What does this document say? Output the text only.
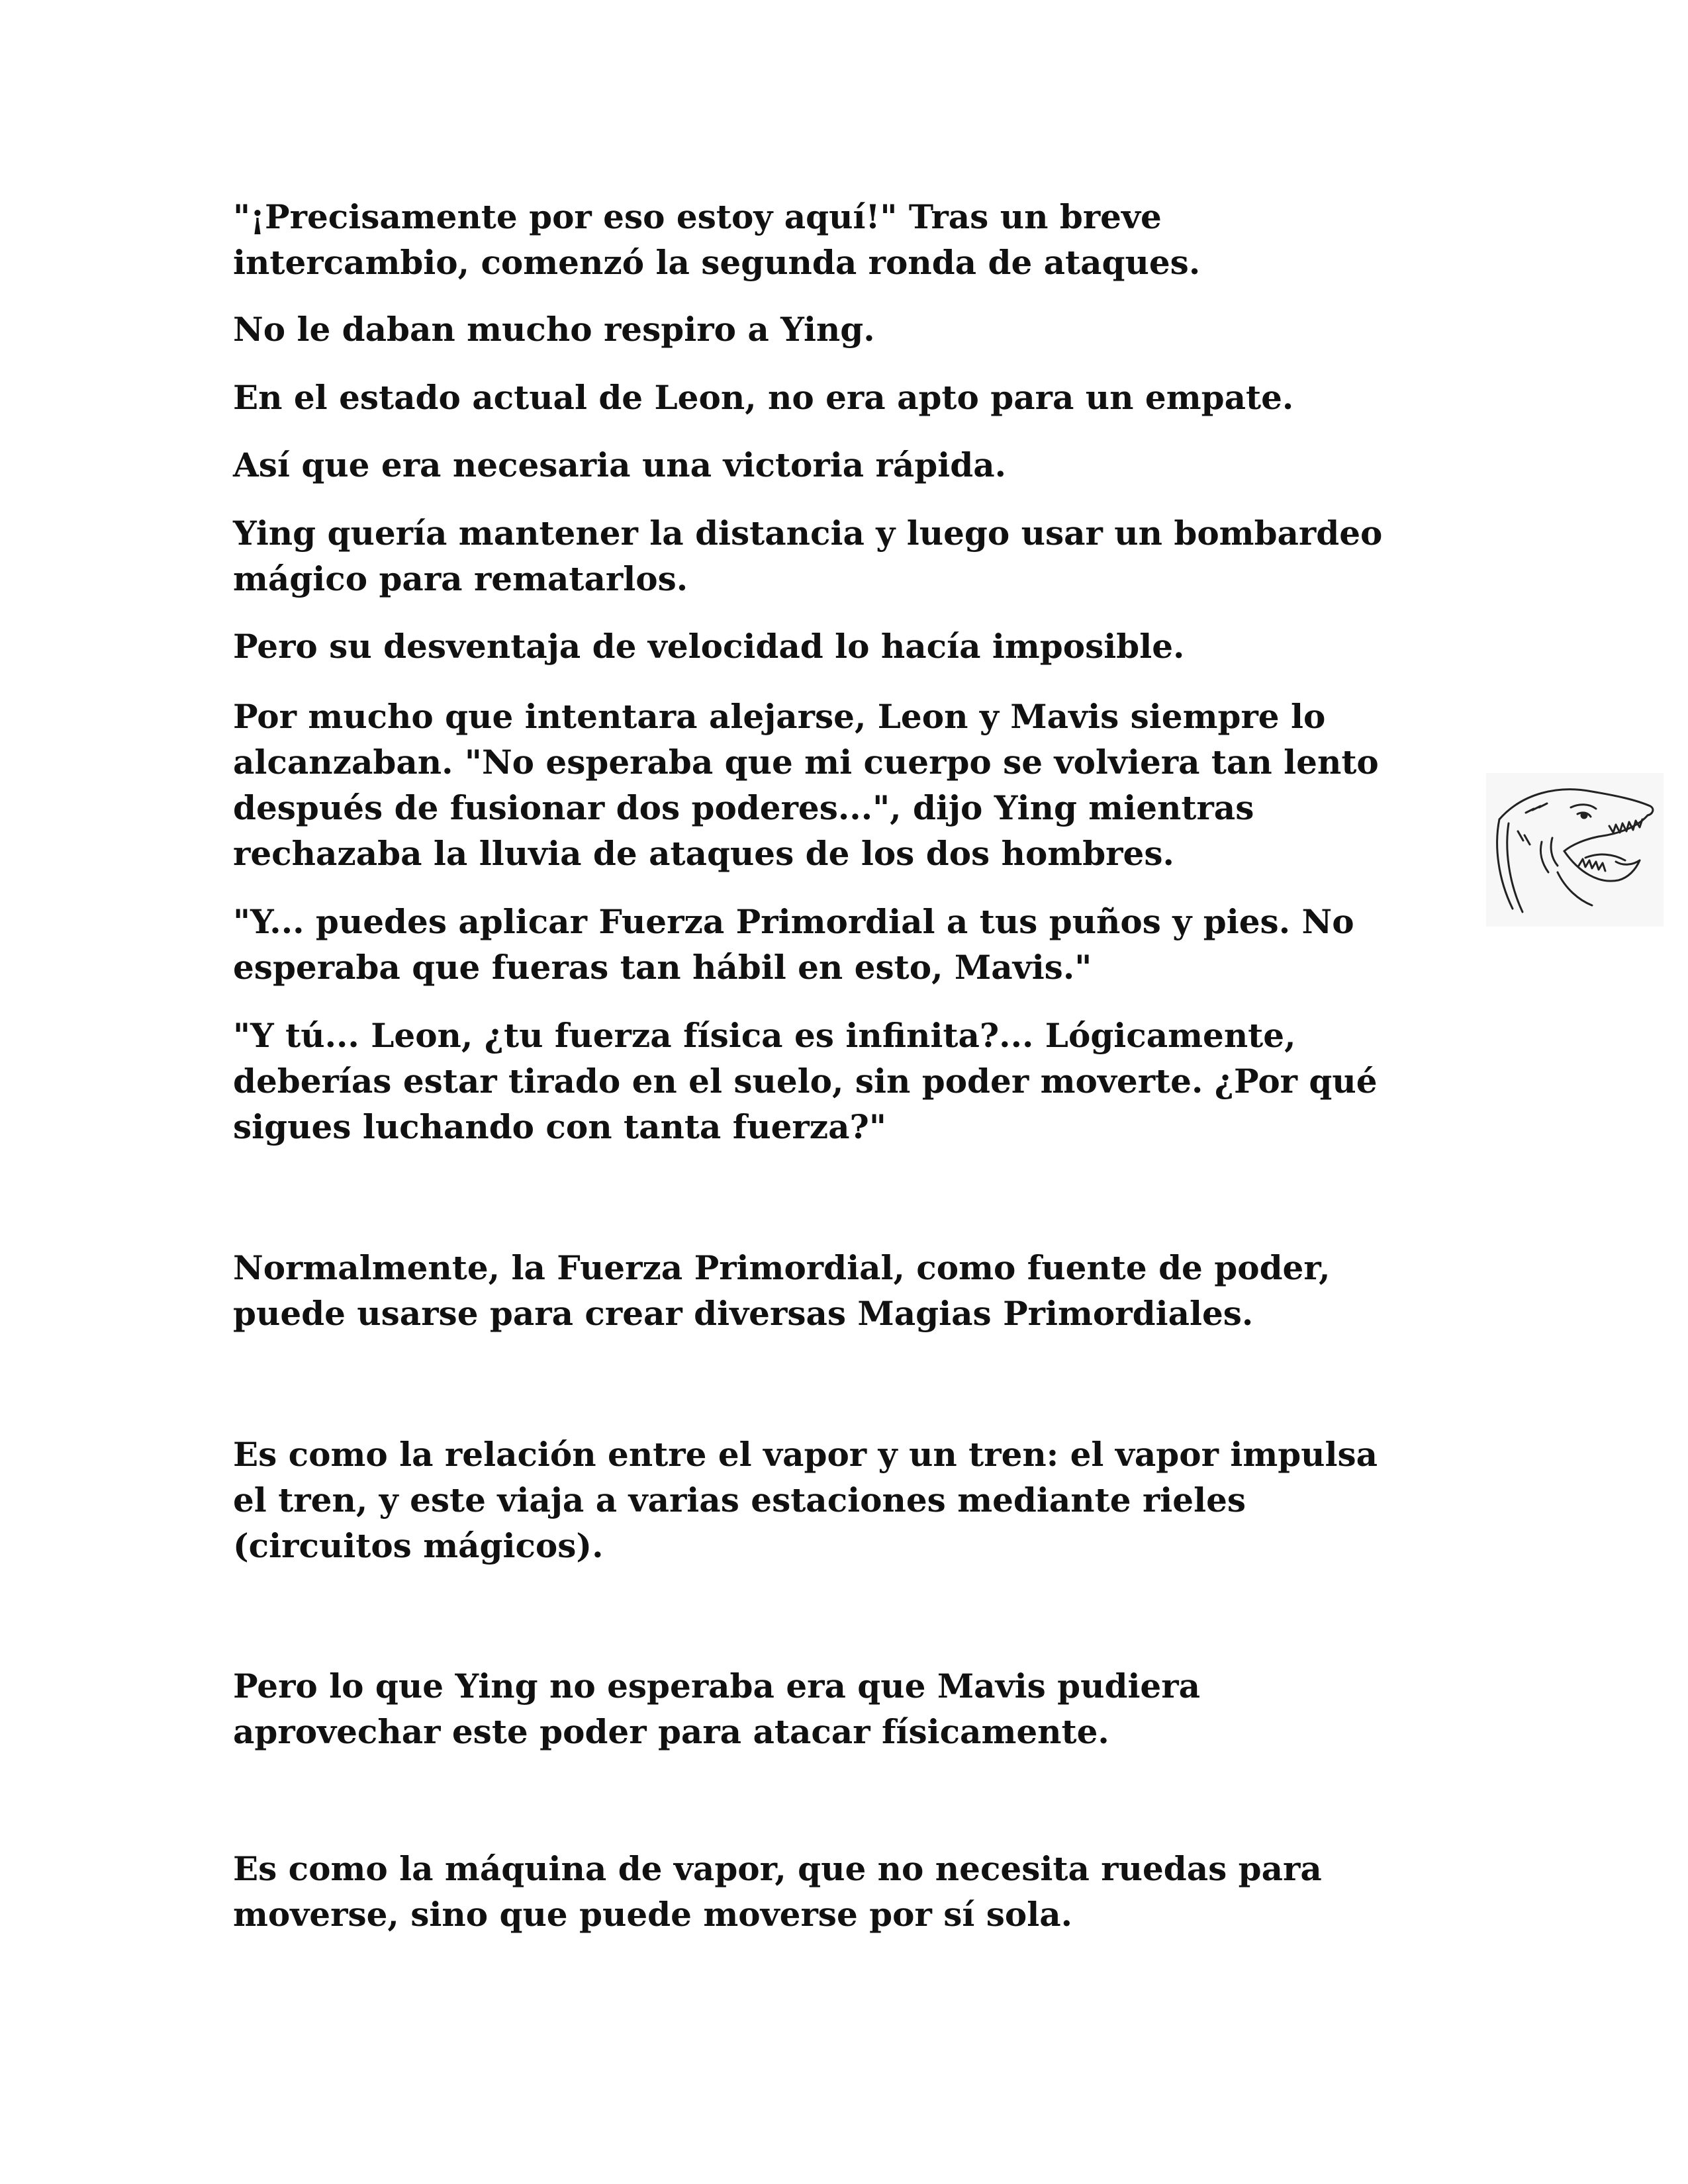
"¡Precisamente por eso estoy aquí!" Tras un breve
intercambio, comenzó la segunda ronda de ataques.

No le daban mucho respiro a Ying.

En el estado actual de Leon, no era apto para un empate.

Así que era necesaria una victoria rápida.

Ying quería mantener la distancia y luego usar un bombardeo
mágico para rematarlos.

Pero su desventaja de velocidad lo hacía imposible.

Por mucho que intentara alejarse, Leon y Mavis siempre lo
alcanzaban. "No esperaba que mi cuerpo se volviera tan lento
después de fusionar dos poderes...", dijo Ying mientras
rechazaba la lluvia de ataques de los dos hombres.

"Y... puedes aplicar Fuerza Primordial a tus puños y pies. No
esperaba que fueras tan hábil en esto, Mavis."

"Y tú... Leon, ¿tu fuerza física es infinita?... Lógicamente,
deberías estar tirado en el suelo, sin poder moverte. ¿Por qué
sigues luchando con tanta fuerza?"

Normalmente, la Fuerza Primordial, como fuente de poder,
puede usarse para crear diversas Magias Primordiales.

Es como la relación entre el vapor y un tren: el vapor impulsa
el tren, y este viaja a varias estaciones mediante rieles
(circuitos mágicos).

Pero lo que Ying no esperaba era que Mavis pudiera
aprovechar este poder para atacar físicamente.

Es como la máquina de vapor, que no necesita ruedas para
moverse, sino que puede moverse por sí sola.
